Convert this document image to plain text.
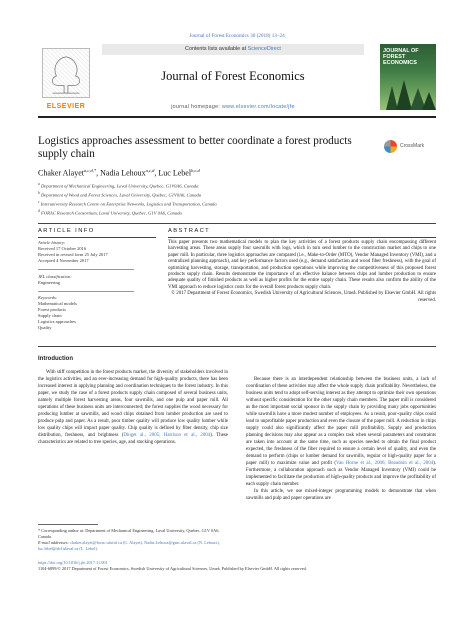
Journal of Forest Economics 30 (2018) 13–24
ELSEVIER
Contents lists available at ScienceDirect
Journal of Forest Economics
journal homepage: www.elsevier.com/locate/jfe
JOURNAL OF FOREST ECONOMICS
Logistics approaches assessment to better coordinate a forest products supply chain
CrossMark
Chaker Alayet$^{a,c,d,*}$, Nadia Lehoux$^{a,c,d}$, Luc Lebel$^{b,c,d}$
$^a$ Department of Mechanical Engineering, Laval University, Quebec, G1V0A6, Canada
$^b$ Department of Wood and Forest Sciences, Laval University, Quebec, G1V0A6, Canada
$^c$ Interuniversity Research Centre on Enterprise Networks, Logistics and Transportation, Canada
$^d$ FORAC Research Consortium, Laval University, Quebec, G1V 0A6, Canada
ARTICLE INFO	ABSTRACT
Article history:
Received 17 October 2016
Received in revised form 25 July 2017
Accepted 4 November 2017
JEL classification:
Engineering
Keywords:
Mathematical models
Forest products
Supply chain
Logistics approaches
Quality
This paper presents two mathematical models to plan the key activities of a forest products supply chain encompassing different harvesting areas. These areas supply four sawmills with logs, which in turn send lumber to the construction market and chips to one paper mill. In particular, three logistics approaches are compared (i.e., Make-to-Order (MTO), Vendor Managed Inventory (VMI), and a centralized planning approach), and key performance factors used (e.g., demand satisfaction and wood fiber freshness), with the goal of optimizing harvesting, storage, transportation, and production operations while improving the competitiveness of this proposed forest products supply chain. Results demonstrate the importance of an effective balance between chips and lumber production to ensure adequate quality of finished products as well as higher profits for the entire supply chain. These results also confirm the ability of the VMI approach to reduce logistics costs for the overall forest products supply chain.
© 2017 Department of Forest Economics, Swedish University of Agricultural Sciences, Umeå. Published by Elsevier GmbH. All rights reserved.
Introduction

With stiff competition in the forest products market, the diversity of stakeholders involved in the logistics activities, and an ever-increasing demand for high-quality products, there has been increased interest in applying planning and coordination techniques to the forest industry. In this paper, we study the case of a forest products supply chain composed of several business units, namely multiple forest harvesting areas, four sawmills, and one pulp and paper mill. All operations of these business units are interconnected; the forest supplies the wood necessary for producing lumber at sawmills, and wood chips obtained from lumber production are used to produce pulp and paper. As a result, poor timber quality will produce low quality lumber while low quality chips will impact paper quality. Chip quality is defined by fiber density, chip size distribution, freshness, and brightness (Dinget al., 2005; Harrison et al., 2004). These characteristics are related to tree species, age, and stocking operations.

Because there is an interdependent relationship between the business units, a lack of coordination of these activities may affect the whole supply chain profitability. Nevertheless, the business units tend to adopt self-serving interest as they attempt to optimize their own operations without specific consideration for the other supply chain members. The paper mill is considered as the most important social sponsor in the supply chain by providing many jobs opportunities while sawmills have a more modest number of employees. As a result, poor-quality chips could lead to unprofitable paper production and even the closure of the paper mill. A reduction in chips supply could also significantly affect the paper mill profitability. Supply and production planning decisions may also appear as a complex task when several parameters and constraints are taken into account at the same time, such as species needed to obtain the final product expected, the freshness of the fiber required to ensure a certain level of quality, and even the demand to perform (chips or lumber demand for sawmills, regular or high-quality paper for a paper mill) to maximize value and profit (Van Horne et al., 2006; Beaudoin et al., 2004). Furthermore, a collaboration approach such as Vendor Managed Inventory (VMI) could be implemented to facilitate the production of high-quality products and improve the profitability of each supply chain member.

In this article, we use mixed-integer programming models to demonstrate that when sawmills and pulp and paper operations are

* Corresponding author at: Department of Mechanical Engineering, Laval University, Quebec, G1V 0A6, Canada.
E-mail addresses: chaker.alayet@forac.ulaval.ca (C. Alayet), Nadia.Lehoux@gmc.ulaval.ca (N. Lehoux), luc.lebel@sbf.ulaval.ca (L. Lebel).
https://doi.org/10.1016/j.jfe.2017.11.001
1104-6899/© 2017 Department of Forest Economics, Swedish University of Agricultural Sciences, Umeå. Published by Elsevier GmbH. All rights reserved.
